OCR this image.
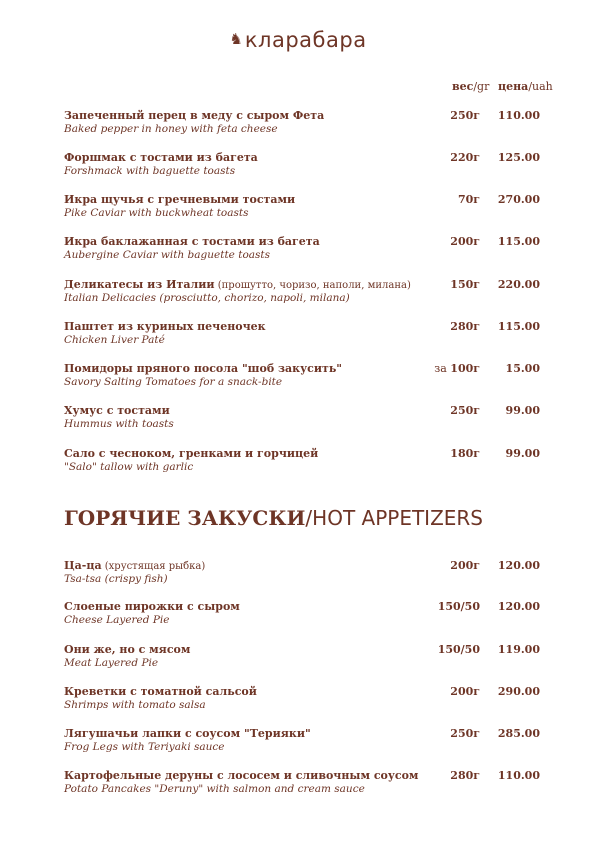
♞кларабара
вес/gr цена/uah
Запеченный перец в меду с сыром Фета
Baked pepper in honey with feta cheese
250г 110.00
Форшмак с тостами из багета
Forshmack with baguette toasts
220г 125.00
Икра щучья с гречневыми тостами
Pike Caviar with buckwheat toasts
70г 270.00
Икра баклажанная с тостами из багета
Aubergine Caviar with baguette toasts
200г 115.00
Деликатесы из Италии (прошутто, чоризо, наполи, милана)
Italian Delicacies (prosciutto, chorizo, napoli, milana)
150г 220.00
Паштет из куриных печеночек
Chicken Liver Paté
280г 115.00
Помидоры пряного посола "шоб закусить"
Savory Salting Tomatoes for a snack-bite
за 100г 15.00
Хумус с тостами
Hummus with toasts
250г 99.00
Сало с чесноком, гренками и горчицей
"Salo" tallow with garlic
180г 99.00
ГОРЯЧИЕ ЗАКУСКИ/HOT APPETIZERS
Ца-ца (хрустящая рыбка)
Tsa-tsa (crispy fish)
200г 120.00
Слоеные пирожки с сыром
Cheese Layered Pie
150/50 120.00
Они же, но с мясом
Meat Layered Pie
150/50 119.00
Креветки с томатной сальсой
Shrimps with tomato salsa
200г 290.00
Лягушачьи лапки с соусом "Терияки"
Frog Legs with Teriyaki sauce
250г 285.00
Картофельные деруны с лососем и сливочным соусом
Potato Pancakes "Deruny" with salmon and cream sauce
280г 110.00
